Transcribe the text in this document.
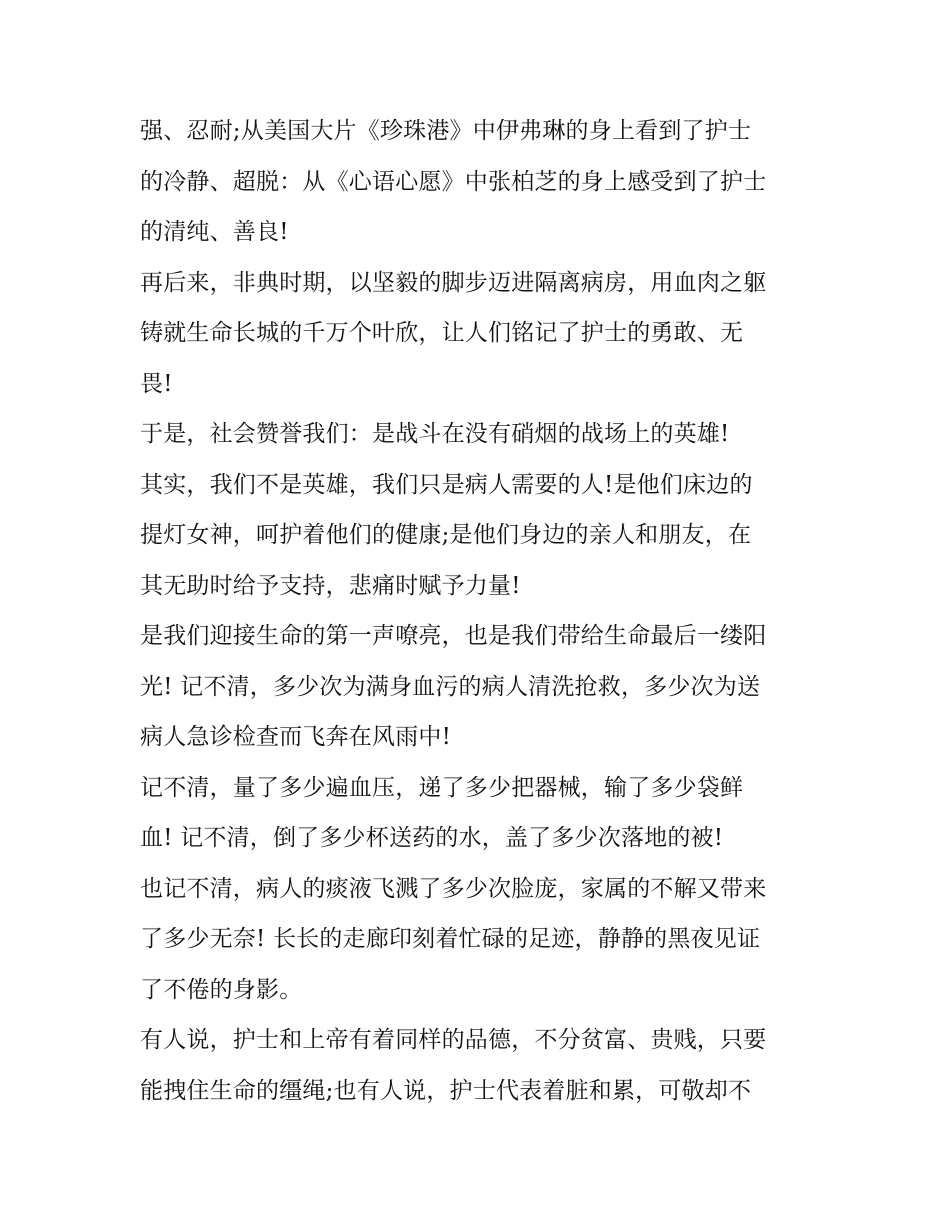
强、忍耐;从美国大片《珍珠港》中伊弗琳的身上看到了护士
的冷静、超脱：从《心语心愿》中张柏芝的身上感受到了护士
的清纯、善良!
再后来，非典时期，以坚毅的脚步迈进隔离病房，用血肉之躯
铸就生命长城的千万个叶欣，让人们铭记了护士的勇敢、无
畏!
于是，社会赞誉我们：是战斗在没有硝烟的战场上的英雄!
其实，我们不是英雄，我们只是病人需要的人!是他们床边的
提灯女神，呵护着他们的健康;是他们身边的亲人和朋友，在
其无助时给予支持，悲痛时赋予力量!
是我们迎接生命的第一声嘹亮，也是我们带给生命最后一缕阳
光! 记不清，多少次为满身血污的病人清洗抢救，多少次为送
病人急诊检查而飞奔在风雨中!
记不清，量了多少遍血压，递了多少把器械，输了多少袋鲜
血! 记不清，倒了多少杯送药的水，盖了多少次落地的被!
也记不清，病人的痰液飞溅了多少次脸庞，家属的不解又带来
了多少无奈! 长长的走廊印刻着忙碌的足迹，静静的黑夜见证
了不倦的身影。
有人说，护士和上帝有着同样的品德，不分贫富、贵贱，只要
能拽住生命的缰绳;也有人说，护士代表着脏和累，可敬却不
